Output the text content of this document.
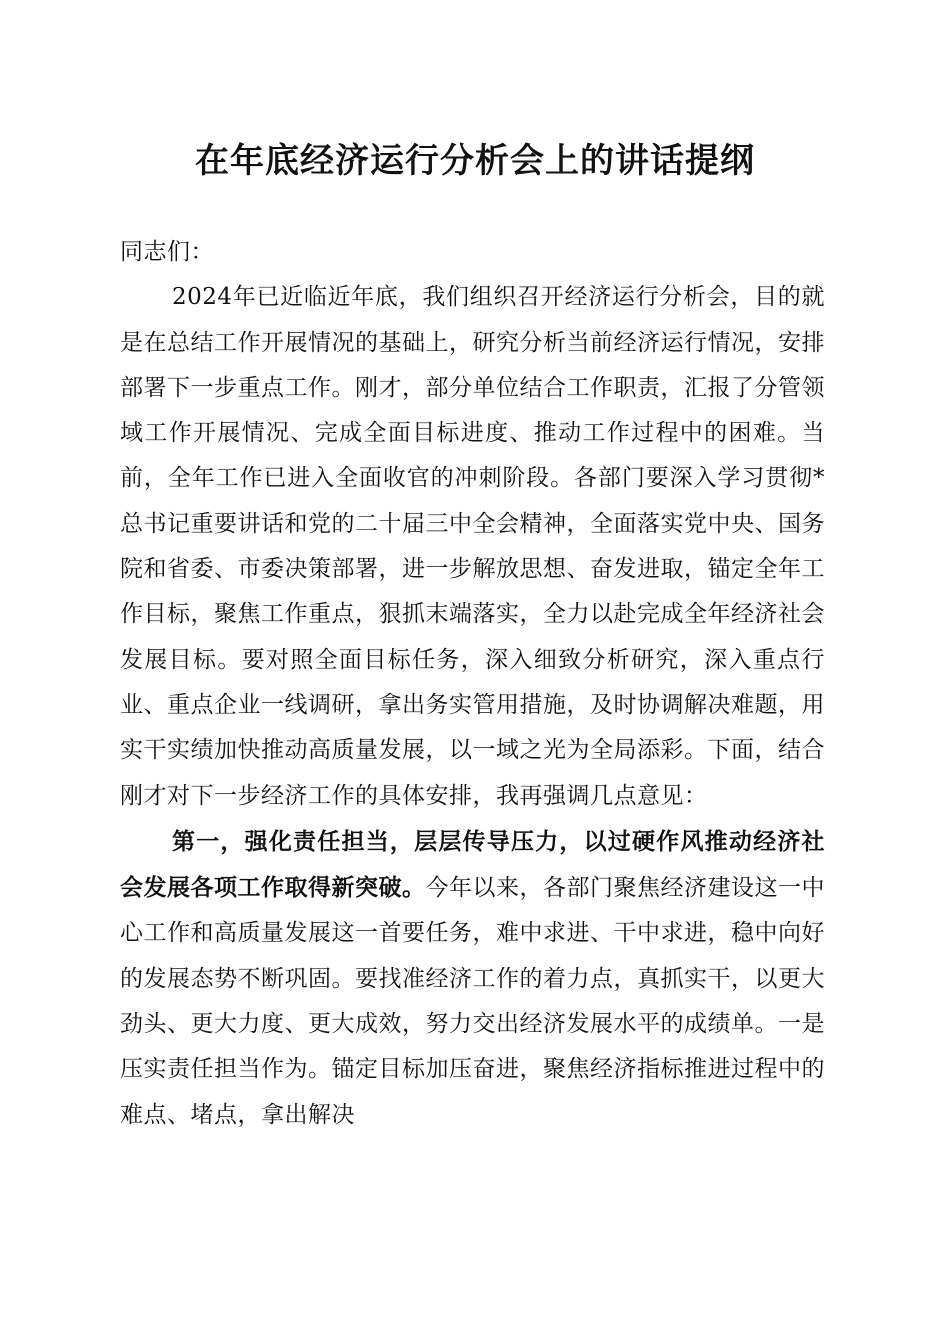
在年底经济运行分析会上的讲话提纲

同志们：

2024年已近临近年底，我们组织召开经济运行分析会，目的就是在总结工作开展情况的基础上，研究分析当前经济运行情况，安排部署下一步重点工作。刚才，部分单位结合工作职责，汇报了分管领域工作开展情况、完成全面目标进度、推动工作过程中的困难。当前，全年工作已进入全面收官的冲刺阶段。各部门要深入学习贯彻*总书记重要讲话和党的二十届三中全会精神，全面落实党中央、国务院和省委、市委决策部署，进一步解放思想、奋发进取，锚定全年工作目标，聚焦工作重点，狠抓末端落实，全力以赴完成全年经济社会发展目标。要对照全面目标任务，深入细致分析研究，深入重点行业、重点企业一线调研，拿出务实管用措施，及时协调解决难题，用实干实绩加快推动高质量发展，以一域之光为全局添彩。下面，结合刚才对下一步经济工作的具体安排，我再强调几点意见：

第一，强化责任担当，层层传导压力，以过硬作风推动经济社会发展各项工作取得新突破。今年以来，各部门聚焦经济建设这一中心工作和高质量发展这一首要任务，难中求进、干中求进，稳中向好的发展态势不断巩固。要找准经济工作的着力点，真抓实干，以更大劲头、更大力度、更大成效，努力交出经济发展水平的成绩单。一是压实责任担当作为。锚定目标加压奋进，聚焦经济指标推进过程中的难点、堵点，拿出解决
